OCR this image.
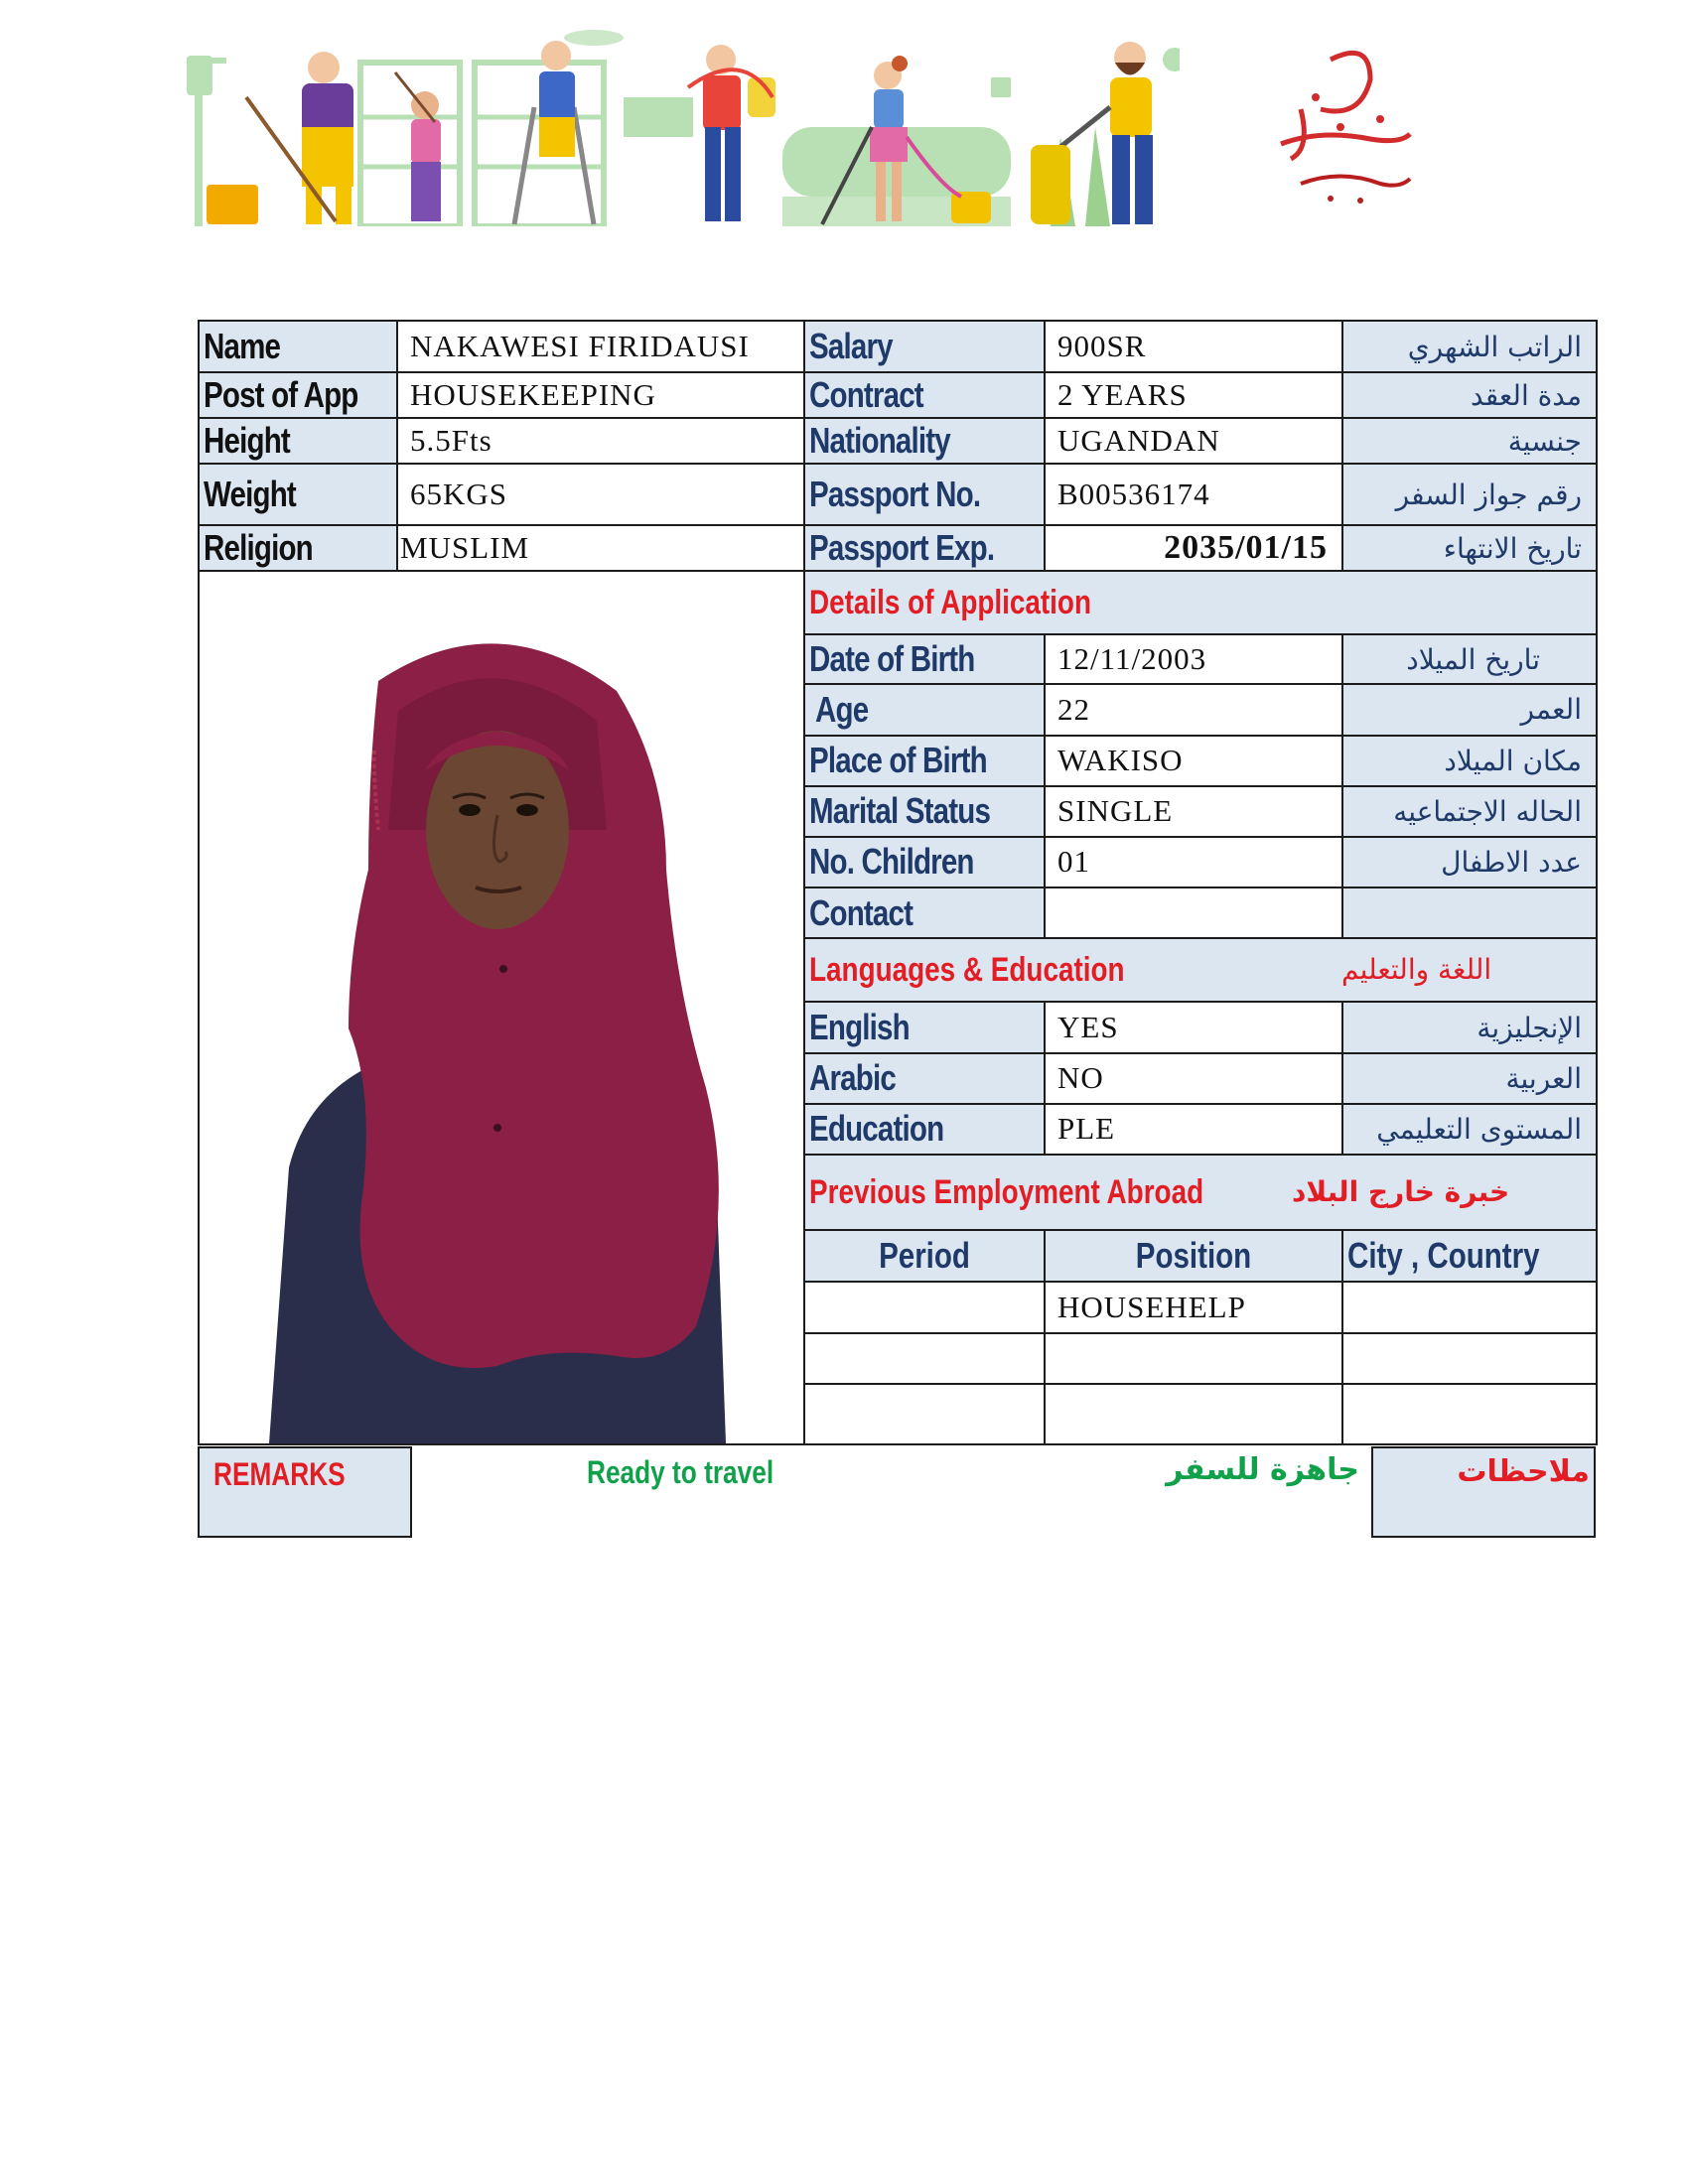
Name	NAKAWESI FIRIDAUSI	Salary	900SR	الراتب الشهري
Post of App	HOUSEKEEPING	Contract	2 YEARS	مدة العقد
Height	5.5Fts	Nationality	UGANDAN	جنسية
Weight	65KGS	Passport No.	B00536174	رقم جواز السفر
Religion	MUSLIM	Passport Exp.	2035/01/15	تاريخ الانتهاء

	Details of Application		
		Date of Birth	12/11/2003	تاريخ الميلاد
		Age	22	العمر
		Place of Birth	WAKISO	مكان الميلاد
		Marital Status	SINGLE	الحاله الاجتماعيه
		No. Children	01	عدد الاطفال
		Contact		
		Languages & Education اللغة والتعليم		

		English	YES	الإنجليزية
		Arabic	NO	العربية
		Education	PLE	المستوى التعليمي
		Previous Employment Abroad خبرة خارج البلاد		

		Period	Position	City , Country
			HOUSEHELP	

REMARKS	Ready to travel	جاهزة للسفر	ملاحظات
